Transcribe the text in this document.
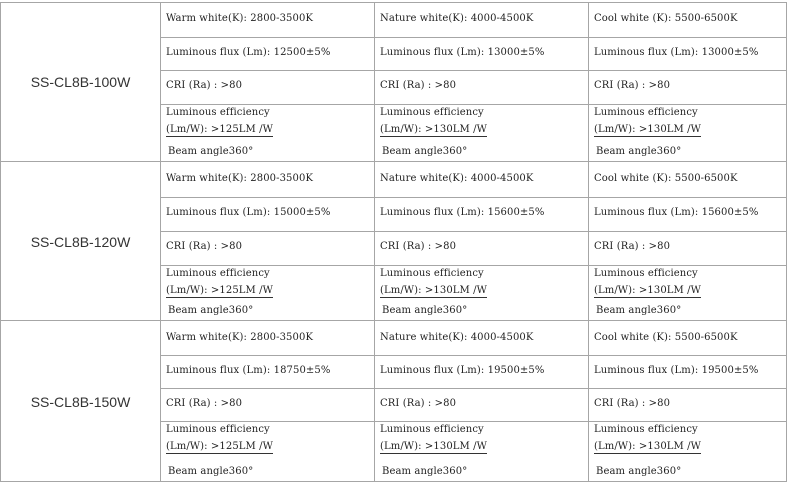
SS-CL8B-100W
Warm white(K): 2800-3500K
Luminous flux (Lm): 12500±5%
CRI (Ra) : >80
Luminous efficiency
(Lm/W): >125LM /W
Beam angle360°
Nature white(K): 4000-4500K
Luminous flux (Lm): 13000±5%
CRI (Ra) : >80
Luminous efficiency
(Lm/W): >130LM /W
Beam angle360°
Cool white (K): 5500-6500K
Luminous flux (Lm): 13000±5%
CRI (Ra) : >80
Luminous efficiency
(Lm/W): >130LM /W
Beam angle360°
SS-CL8B-120W
Warm white(K): 2800-3500K
Luminous flux (Lm): 15000±5%
CRI (Ra) : >80
Luminous efficiency
(Lm/W): >125LM /W
Beam angle360°
Nature white(K): 4000-4500K
Luminous flux (Lm): 15600±5%
CRI (Ra) : >80
Luminous efficiency
(Lm/W): >130LM /W
Beam angle360°
Cool white (K): 5500-6500K
Luminous flux (Lm): 15600±5%
CRI (Ra) : >80
Luminous efficiency
(Lm/W): >130LM /W
Beam angle360°
SS-CL8B-150W
Warm white(K): 2800-3500K
Luminous flux (Lm): 18750±5%
CRI (Ra) : >80
Luminous efficiency
(Lm/W): >125LM /W
Beam angle360°
Nature white(K): 4000-4500K
Luminous flux (Lm): 19500±5%
CRI (Ra) : >80
Luminous efficiency
(Lm/W): >130LM /W
Beam angle360°
Cool white (K): 5500-6500K
Luminous flux (Lm): 19500±5%
CRI (Ra) : >80
Luminous efficiency
(Lm/W): >130LM /W
Beam angle360°
